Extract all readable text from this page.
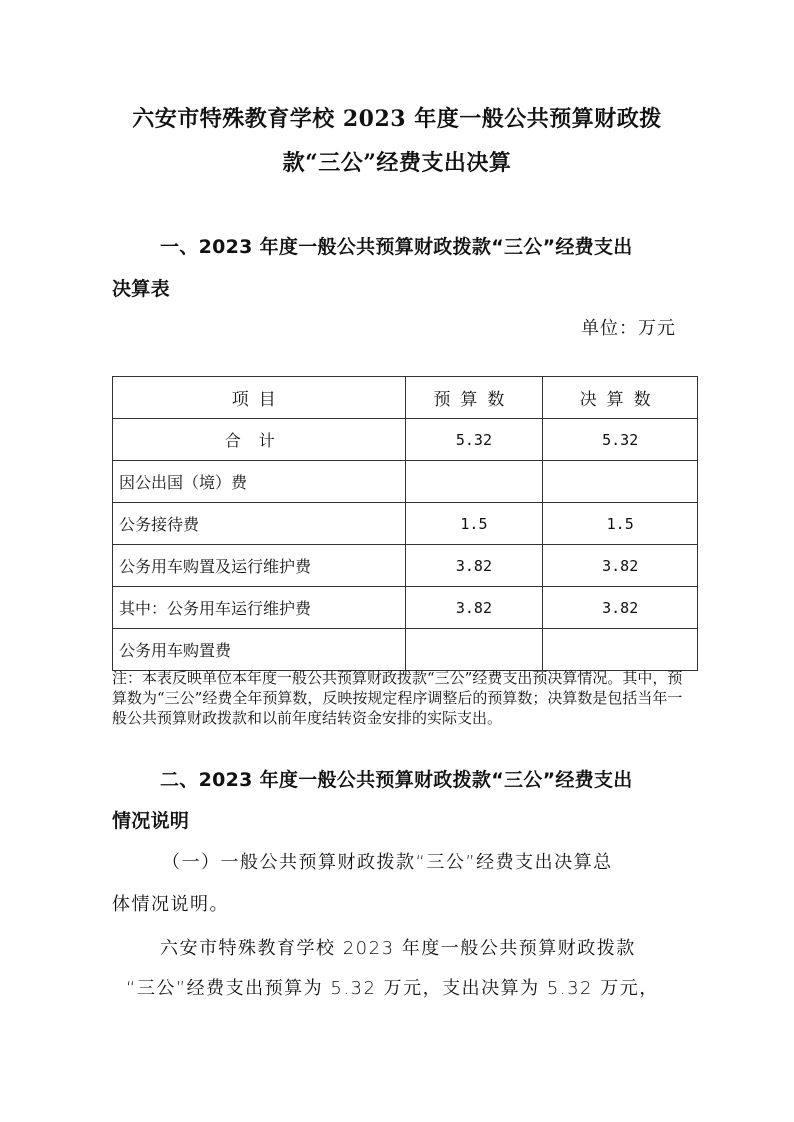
六安市特殊教育学校 2023 年度一般公共预算财政拨
款“三公”经费支出决算
一、2023 年度一般公共预算财政拨款“三公”经费支出
决算表
单位：万元
项目	预算数	决算数
合计	5.32	5.32
因公出国（境）费		
公务接待费	1.5	1.5
公务用车购置及运行维护费	3.82	3.82
其中：公务用车运行维护费	3.82	3.82
公务用车购置费		
注：本表反映单位本年度一般公共预算财政拨款“三公”经费支出预决算情况。其中，预算数为“三公”经费全年预算数，反映按规定程序调整后的预算数；决算数是包括当年一般公共预算财政拨款和以前年度结转资金安排的实际支出。
二、2023 年度一般公共预算财政拨款“三公”经费支出
情况说明
（一）一般公共预算财政拨款“三公”经费支出决算总
体情况说明。
六安市特殊教育学校 2023 年度一般公共预算财政拨款
“三公”经费支出预算为 5.32 万元，支出决算为 5.32 万元，
